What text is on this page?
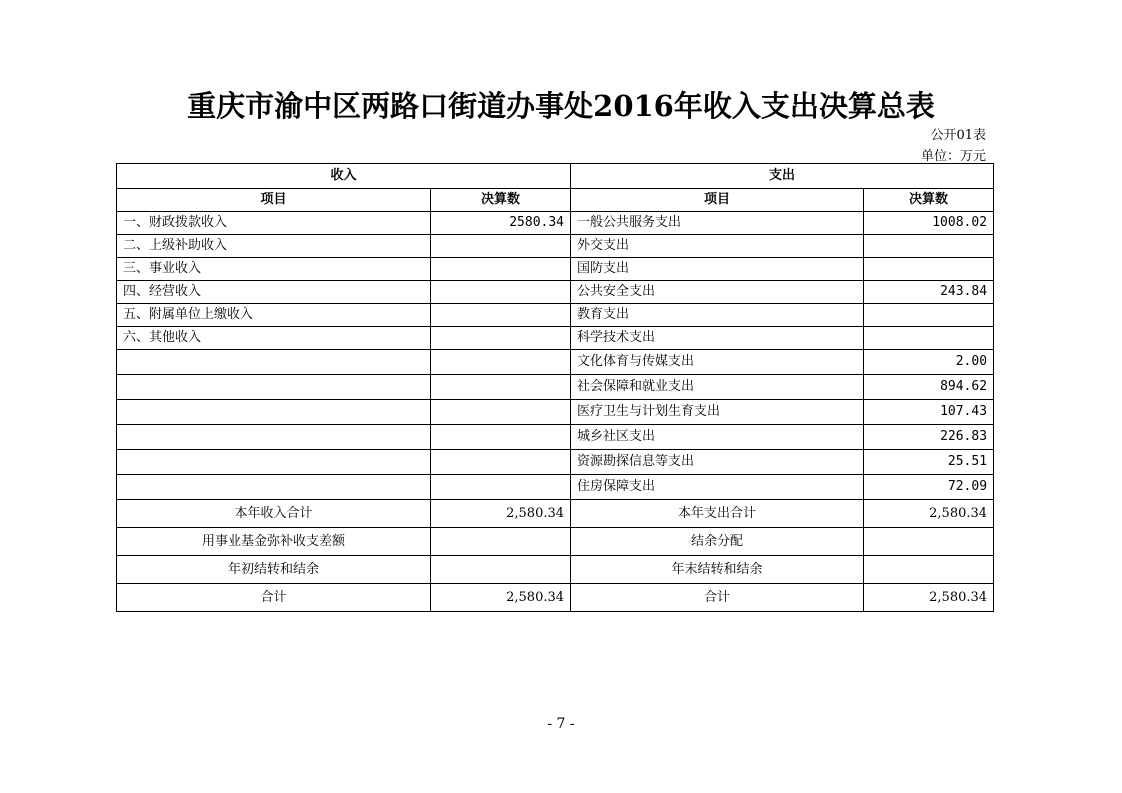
重庆市渝中区两路口街道办事处2016年收入支出决算总表
公开01表
单位：万元
收入		支出	
项目	决算数	项目	决算数
一、财政拨款收入	2580.34	一般公共服务支出	1008.02
二、上级补助收入		外交支出	
三、事业收入		国防支出	
四、经营收入		公共安全支出	243.84
五、附属单位上缴收入		教育支出	
六、其他收入		科学技术支出	
		文化体育与传媒支出	2.00
		社会保障和就业支出	894.62
		医疗卫生与计划生育支出	107.43
		城乡社区支出	226.83
		资源勘探信息等支出	25.51
		住房保障支出	72.09
本年收入合计	2,580.34	本年支出合计	2,580.34
用事业基金弥补收支差额		结余分配	
年初结转和结余		年末结转和结余	
合计	2,580.34	合计	2,580.34
- 7 -
